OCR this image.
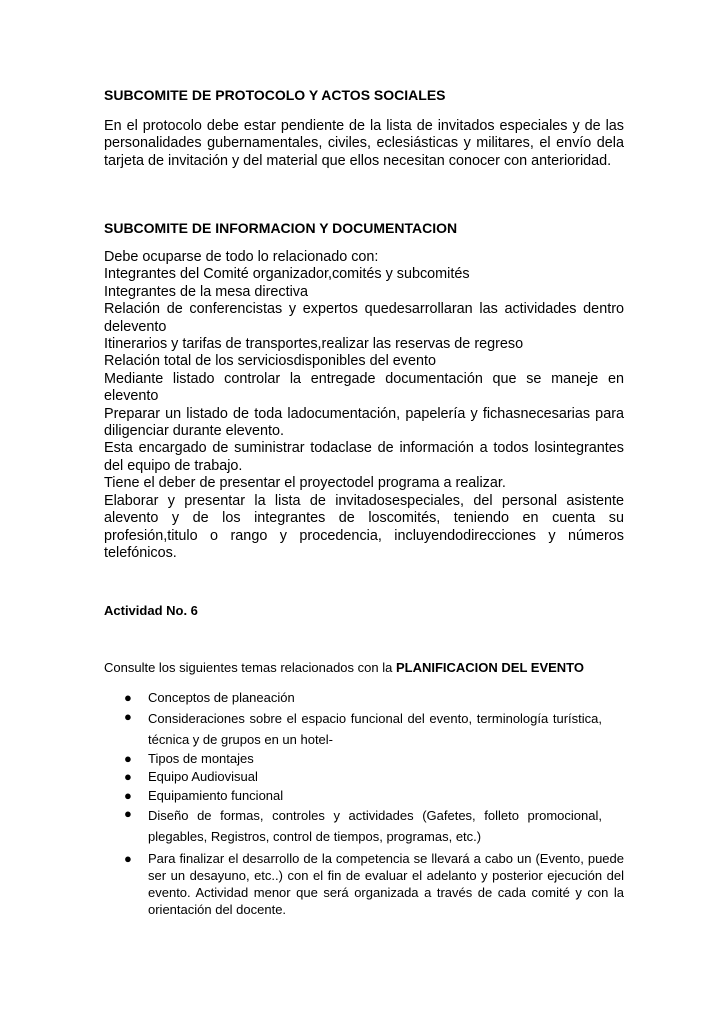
SUBCOMITE DE PROTOCOLO Y ACTOS SOCIALES

En el protocolo debe estar pendiente de la lista de invitados especiales y de las personalidades gubernamentales, civiles, eclesiásticas y militares, el envío dela tarjeta de invitación y del material que ellos necesitan conocer con anterioridad.

SUBCOMITE DE INFORMACION Y DOCUMENTACION

Debe ocuparse de todo lo relacionado con:
Integrantes del Comité organizador,comités y subcomités
Integrantes de la mesa directiva
Relación de conferencistas y expertos quedesarrollaran las actividades dentro delevento
Itinerarios y tarifas de transportes,realizar las reservas de regreso
Relación total de los serviciosdisponibles del evento
Mediante listado controlar la entregade documentación que se maneje en elevento
Preparar un listado de toda ladocumentación, papelería y fichasnecesarias para diligenciar durante elevento.
Esta encargado de suministrar todaclase de información a todos losintegrantes del equipo de trabajo.
Tiene el deber de presentar el proyectodel programa a realizar.
Elaborar y presentar la lista de invitadosespeciales, del personal asistente alevento y de los integrantes de loscomités, teniendo en cuenta su profesión,titulo o rango y procedencia, incluyendodirecciones y números telefónicos.

Actividad No. 6

Consulte los siguientes temas relacionados con la PLANIFICACION DEL EVENTO

● Conceptos de planeación
● Consideraciones sobre el espacio funcional del evento, terminología turística, técnica y de grupos en un hotel-
● Tipos de montajes
● Equipo Audiovisual
● Equipamiento funcional
● Diseño de formas, controles y actividades (Gafetes, folleto promocional, plegables, Registros, control de tiempos, programas, etc.)
● Para finalizar el desarrollo de la competencia se llevará a cabo un (Evento, puede ser un desayuno, etc..) con el fin de evaluar el adelanto y posterior ejecución del evento. Actividad menor que será organizada a través de cada comité y con la orientación del docente.
